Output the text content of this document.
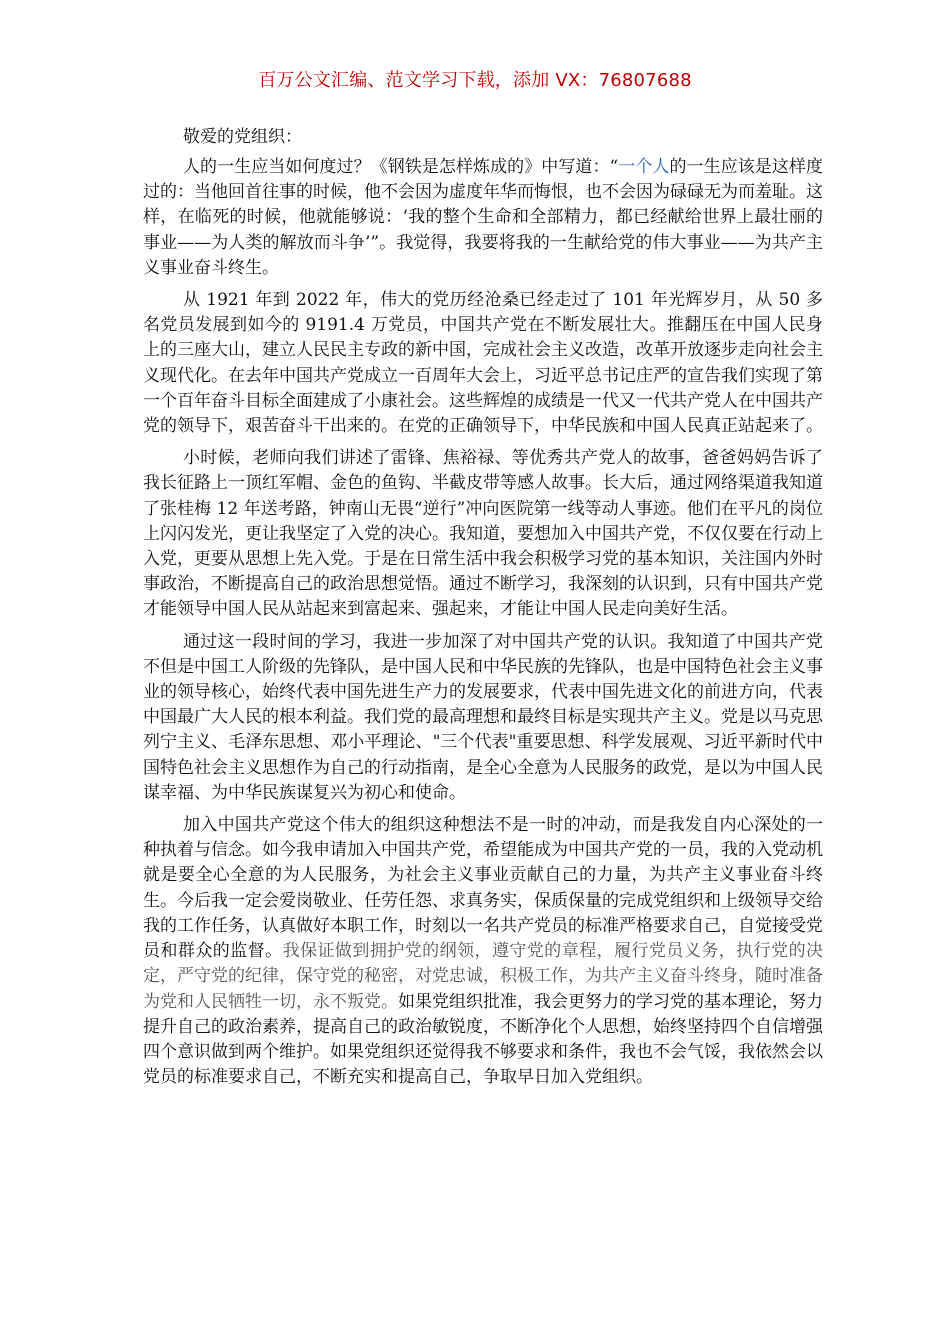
百万公文汇编、范文学习下载，添加 VX：76807688

敬爱的党组织：

人的一生应当如何度过？《钢铁是怎样炼成的》中写道：“一个人的一生应该是这样度过的：当他回首往事的时候，他不会因为虚度年华而悔恨，也不会因为碌碌无为而羞耻。这样，在临死的时候，他就能够说：‘我的整个生命和全部精力，都已经献给世界上最壮丽的事业——为人类的解放而斗争’”。我觉得，我要将我的一生献给党的伟大事业——为共产主义事业奋斗终生。

从 1921 年到 2022 年，伟大的党历经沧桑已经走过了 101 年光辉岁月，从 50 多名党员发展到如今的 9191.4 万党员，中国共产党在不断发展壮大。推翻压在中国人民身上的三座大山，建立人民民主专政的新中国，完成社会主义改造，改革开放逐步走向社会主义现代化。在去年中国共产党成立一百周年大会上，习近平总书记庄严的宣告我们实现了第一个百年奋斗目标全面建成了小康社会。这些辉煌的成绩是一代又一代共产党人在中国共产党的领导下，艰苦奋斗干出来的。在党的正确领导下，中华民族和中国人民真正站起来了。

小时候，老师向我们讲述了雷锋、焦裕禄、等优秀共产党人的故事，爸爸妈妈告诉了我长征路上一顶红军帽、金色的鱼钩、半截皮带等感人故事。长大后，通过网络渠道我知道了张桂梅 12 年送考路，钟南山无畏“逆行”冲向医院第一线等动人事迹。他们在平凡的岗位上闪闪发光，更让我坚定了入党的决心。我知道，要想加入中国共产党，不仅仅要在行动上入党，更要从思想上先入党。于是在日常生活中我会积极学习党的基本知识，关注国内外时事政治，不断提高自己的政治思想觉悟。通过不断学习，我深刻的认识到，只有中国共产党才能领导中国人民从站起来到富起来、强起来，才能让中国人民走向美好生活。

通过这一段时间的学习，我进一步加深了对中国共产党的认识。我知道了中国共产党不但是中国工人阶级的先锋队，是中国人民和中华民族的先锋队，也是中国特色社会主义事业的领导核心，始终代表中国先进生产力的发展要求，代表中国先进文化的前进方向，代表中国最广大人民的根本利益。我们党的最高理想和最终目标是实现共产主义。党是以马克思列宁主义、毛泽东思想、邓小平理论、"三个代表"重要思想、科学发展观、习近平新时代中国特色社会主义思想作为自己的行动指南，是全心全意为人民服务的政党，是以为中国人民谋幸福、为中华民族谋复兴为初心和使命。

加入中国共产党这个伟大的组织这种想法不是一时的冲动，而是我发自内心深处的一种执着与信念。如今我申请加入中国共产党，希望能成为中国共产党的一员，我的入党动机就是要全心全意的为人民服务，为社会主义事业贡献自己的力量，为共产主义事业奋斗终生。今后我一定会爱岗敬业、任劳任怨、求真务实，保质保量的完成党组织和上级领导交给我的工作任务，认真做好本职工作，时刻以一名共产党员的标准严格要求自己，自觉接受党员和群众的监督。我保证做到拥护党的纲领，遵守党的章程，履行党员义务，执行党的决定，严守党的纪律，保守党的秘密，对党忠诚，积极工作，为共产主义奋斗终身，随时准备为党和人民牺牲一切，永不叛党。如果党组织批准，我会更努力的学习党的基本理论，努力提升自己的政治素养，提高自己的政治敏锐度，不断净化个人思想，始终坚持四个自信增强四个意识做到两个维护。如果党组织还觉得我不够要求和条件，我也不会气馁，我依然会以党员的标准要求自己，不断充实和提高自己，争取早日加入党组织。
